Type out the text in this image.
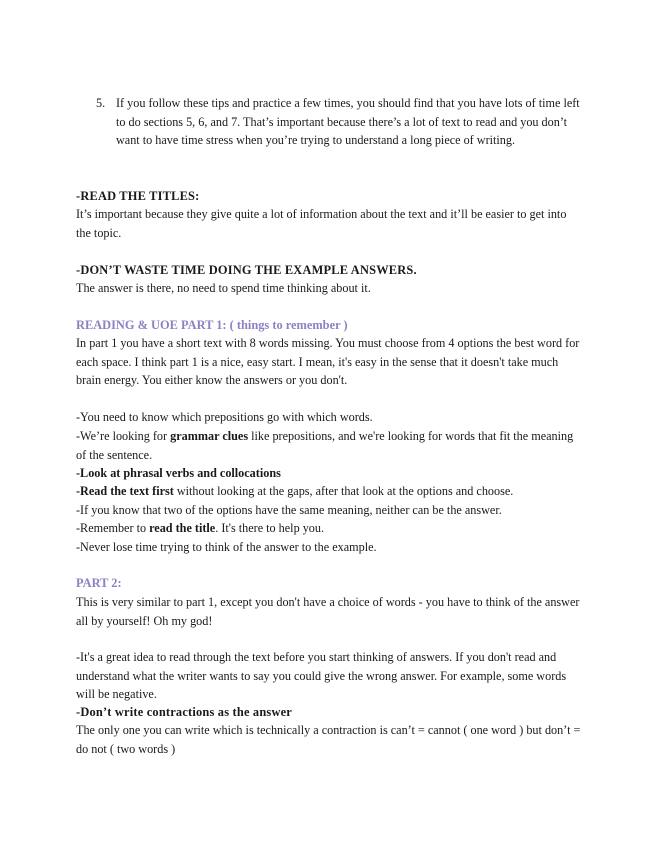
5. If you follow these tips and practice a few times, you should find that you have lots of time left to do sections 5, 6, and 7. That’s important because there’s a lot of text to read and you don’t want to have time stress when you’re trying to understand a long piece of writing.

-READ THE TITLES:

It’s important because they give quite a lot of information about the text and it’ll be easier to get into the topic.

-DON’T WASTE TIME DOING THE EXAMPLE ANSWERS.

The answer is there, no need to spend time thinking about it.

READING & UOE PART 1: ( things to remember )

In part 1 you have a short text with 8 words missing. You must choose from 4 options the best word for each space. I think part 1 is a nice, easy start. I mean, it's easy in the sense that it doesn't take much brain energy. You either know the answers or you don't.

-You need to know which prepositions go with which words.

-We’re looking for grammar clues like prepositions, and we're looking for words that fit the meaning of the sentence.

-Look at phrasal verbs and collocations

-Read the text first without looking at the gaps, after that look at the options and choose.

-If you know that two of the options have the same meaning, neither can be the answer.

-Remember to read the title. It's there to help you.

-Never lose time trying to think of the answer to the example.

PART 2:

This is very similar to part 1, except you don't have a choice of words - you have to think of the answer all by yourself! Oh my god!

-It's a great idea to read through the text before you start thinking of answers. If you don't read and understand what the writer wants to say you could give the wrong answer. For example, some words will be negative.

-Don’t write contractions as the answer

The only one you can write which is technically a contraction is can’t = cannot ( one word ) but don’t = do not ( two words )
